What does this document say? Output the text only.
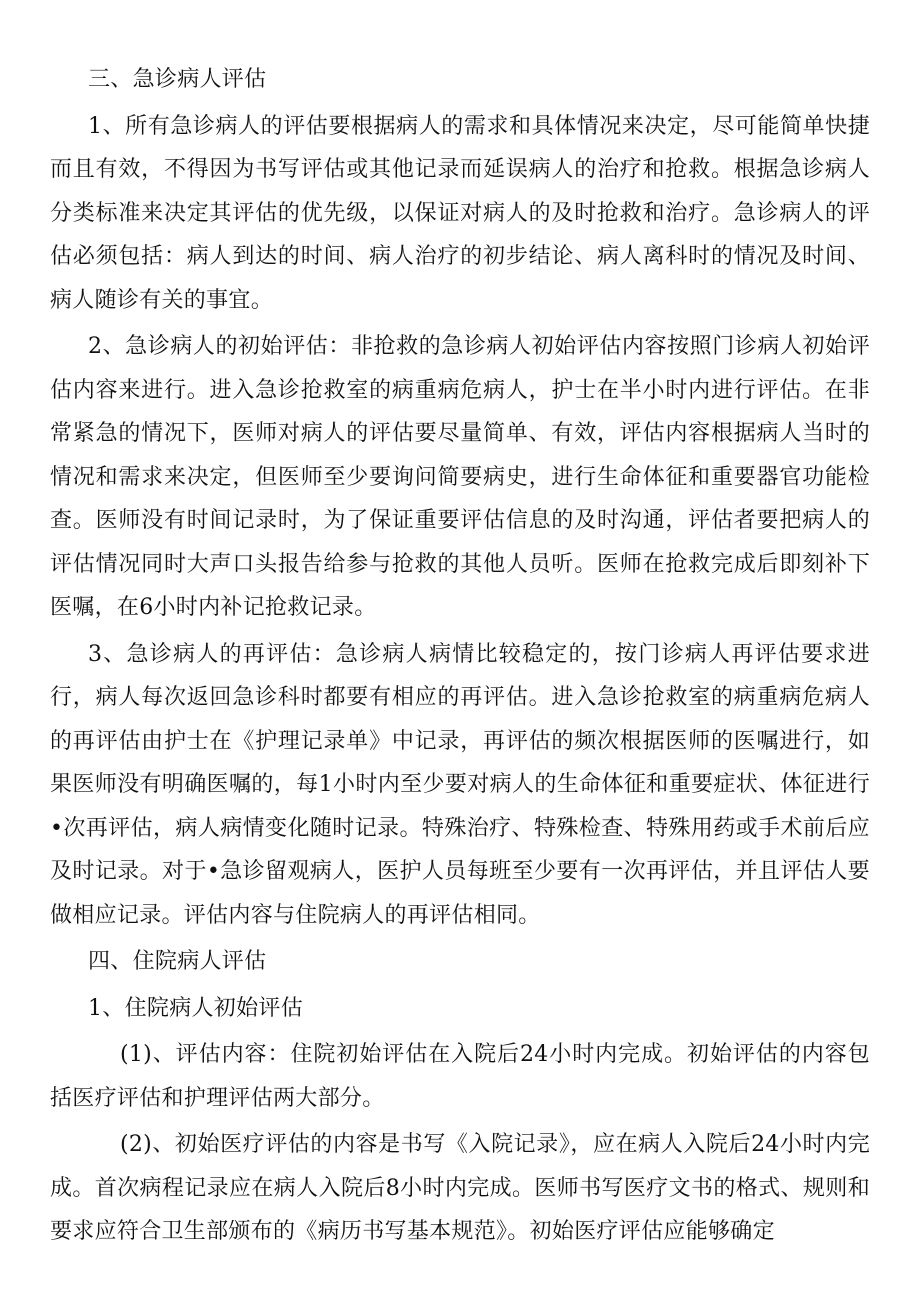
三、急诊病人评估

1、所有急诊病人的评估要根据病人的需求和具体情况来决定，尽可能简单快捷而且有效，不得因为书写评估或其他记录而延误病人的治疗和抢救。根据急诊病人分类标准来决定其评估的优先级，以保证对病人的及时抢救和治疗。急诊病人的评估必须包括：病人到达的时间、病人治疗的初步结论、病人离科时的情况及时间、病人随诊有关的事宜。

2、急诊病人的初始评估：非抢救的急诊病人初始评估内容按照门诊病人初始评估内容来进行。进入急诊抢救室的病重病危病人，护士在半小时内进行评估。在非常紧急的情况下，医师对病人的评估要尽量简单、有效，评估内容根据病人当时的情况和需求来决定，但医师至少要询问简要病史，进行生命体征和重要器官功能检查。医师没有时间记录时，为了保证重要评估信息的及时沟通，评估者要把病人的评估情况同时大声口头报告给参与抢救的其他人员听。医师在抢救完成后即刻补下医嘱，在6小时内补记抢救记录。

3、急诊病人的再评估：急诊病人病情比较稳定的，按门诊病人再评估要求进行，病人每次返回急诊科时都要有相应的再评估。进入急诊抢救室的病重病危病人的再评估由护士在《护理记录单》中记录，再评估的频次根据医师的医嘱进行，如果医师没有明确医嘱的，每1小时内至少要对病人的生命体征和重要症状、体征进行•次再评估，病人病情变化随时记录。特殊治疗、特殊检查、特殊用药或手术前后应及时记录。对于•急诊留观病人，医护人员每班至少要有一次再评估，并且评估人要做相应记录。评估内容与住院病人的再评估相同。

四、住院病人评估

1、住院病人初始评估

(1)、评估内容：住院初始评估在入院后24小时内完成。初始评估的内容包括医疗评估和护理评估两大部分。

(2)、初始医疗评估的内容是书写《入院记录》，应在病人入院后24小时内完成。首次病程记录应在病人入院后8小时内完成。医师书写医疗文书的格式、规则和要求应符合卫生部颁布的《病历书写基本规范》。初始医疗评估应能够确定
